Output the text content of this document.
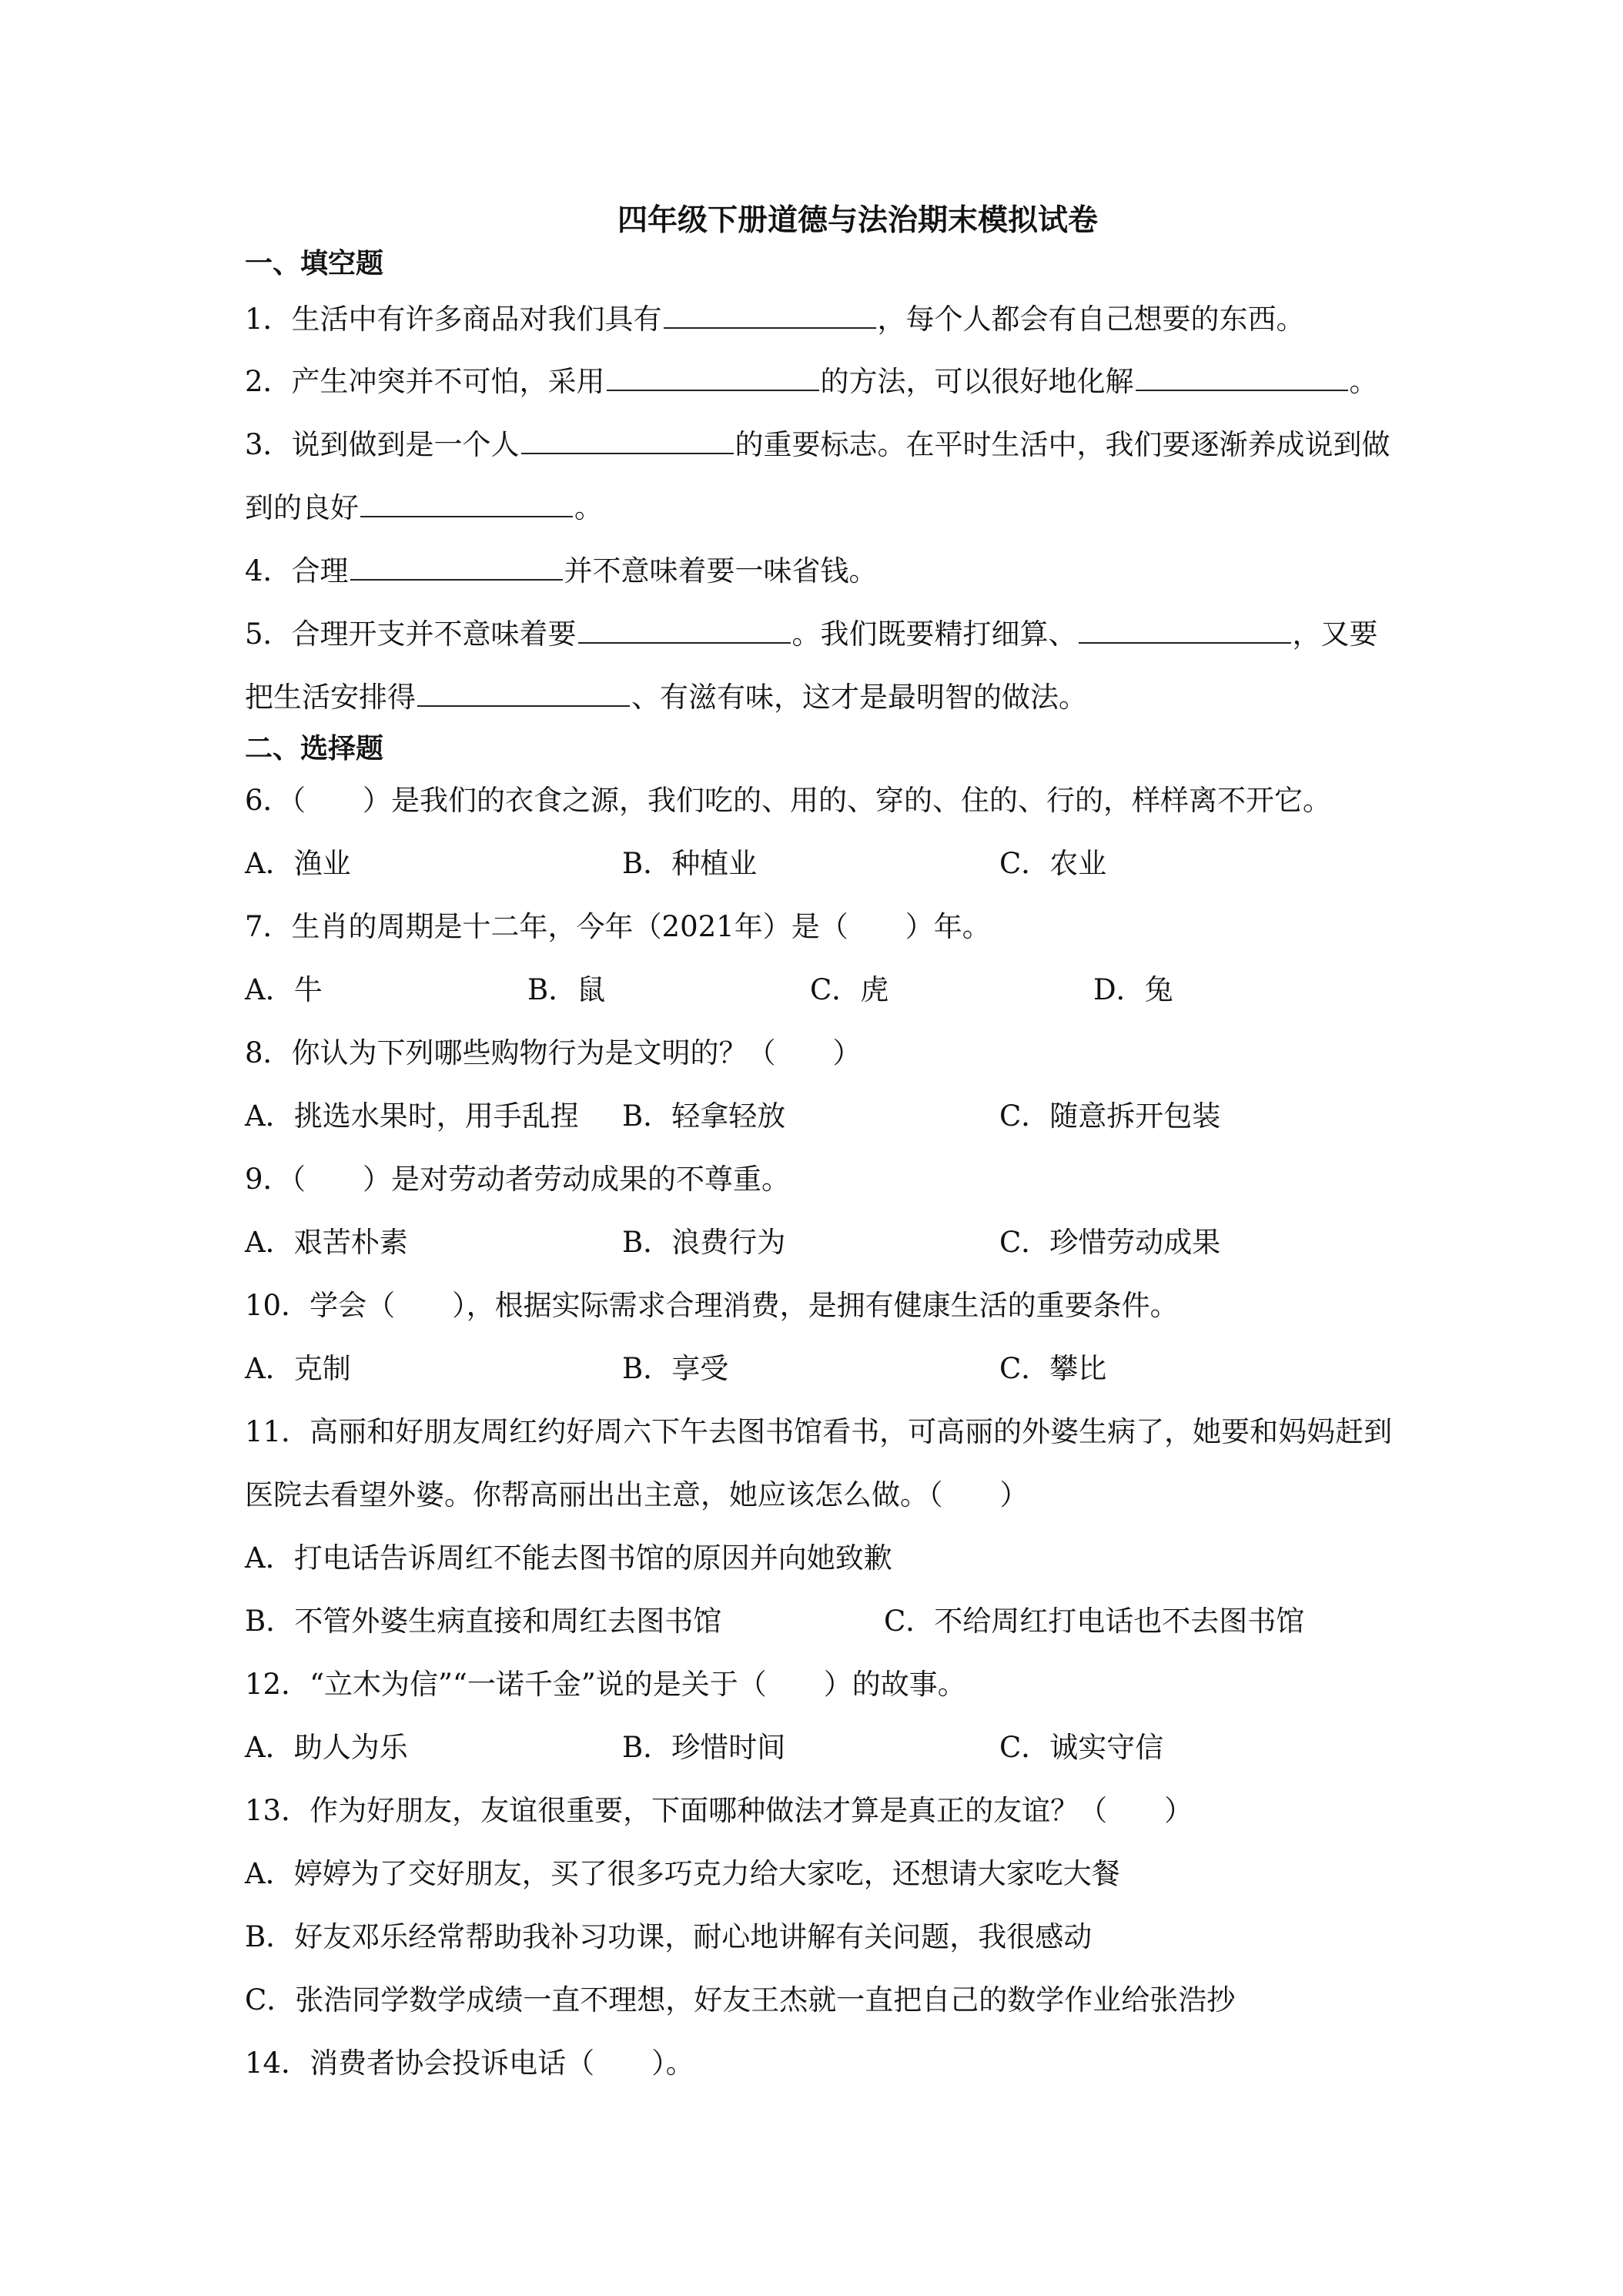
四年级下册道德与法治期末模拟试卷
一、填空题
1．生活中有许多商品对我们具有	，每个人都会有自己想要的东西。
2．产生冲突并不可怕，采用	的方法，可以很好地化解	。
3．说到做到是一个人	的重要标志。在平时生活中，我们要逐渐养成说到做
到的良好	。
4．合理	并不意味着要一味省钱。
5．合理开支并不意味着要	。我们既要精打细算、	，又要
把生活安排得	、有滋有味，这才是最明智的做法。
二、选择题
6．（　　）是我们的衣食之源，我们吃的、用的、穿的、住的、行的，样样离不开它。
A．渔业	B．种植业	C．农业
7．生肖的周期是十二年，今年（2021年）是（　　）年。
A．牛	B．鼠	C．虎	D．兔
8．你认为下列哪些购物行为是文明的？（　　）
A．挑选水果时，用手乱捏 B．轻拿轻放	C．随意拆开包装
9．（　　）是对劳动者劳动成果的不尊重。
A．艰苦朴素	B．浪费行为	C．珍惜劳动成果
10．学会（　　），根据实际需求合理消费，是拥有健康生活的重要条件。
A．克制	B．享受	C．攀比
11．高丽和好朋友周红约好周六下午去图书馆看书，可高丽的外婆生病了，她要和妈妈赶到
医院去看望外婆。你帮高丽出出主意，她应该怎么做。（　　）
A．打电话告诉周红不能去图书馆的原因并向她致歉
B．不管外婆生病直接和周红去图书馆	C．不给周红打电话也不去图书馆
12．“立木为信”“一诺千金”说的是关于（　　）的故事。
A．助人为乐	B．珍惜时间	C．诚实守信
13．作为好朋友，友谊很重要，下面哪种做法才算是真正的友谊？（　　）
A．婷婷为了交好朋友，买了很多巧克力给大家吃，还想请大家吃大餐
B．好友邓乐经常帮助我补习功课，耐心地讲解有关问题，我很感动
C．张浩同学数学成绩一直不理想，好友王杰就一直把自己的数学作业给张浩抄
14．消费者协会投诉电话（　　）。
